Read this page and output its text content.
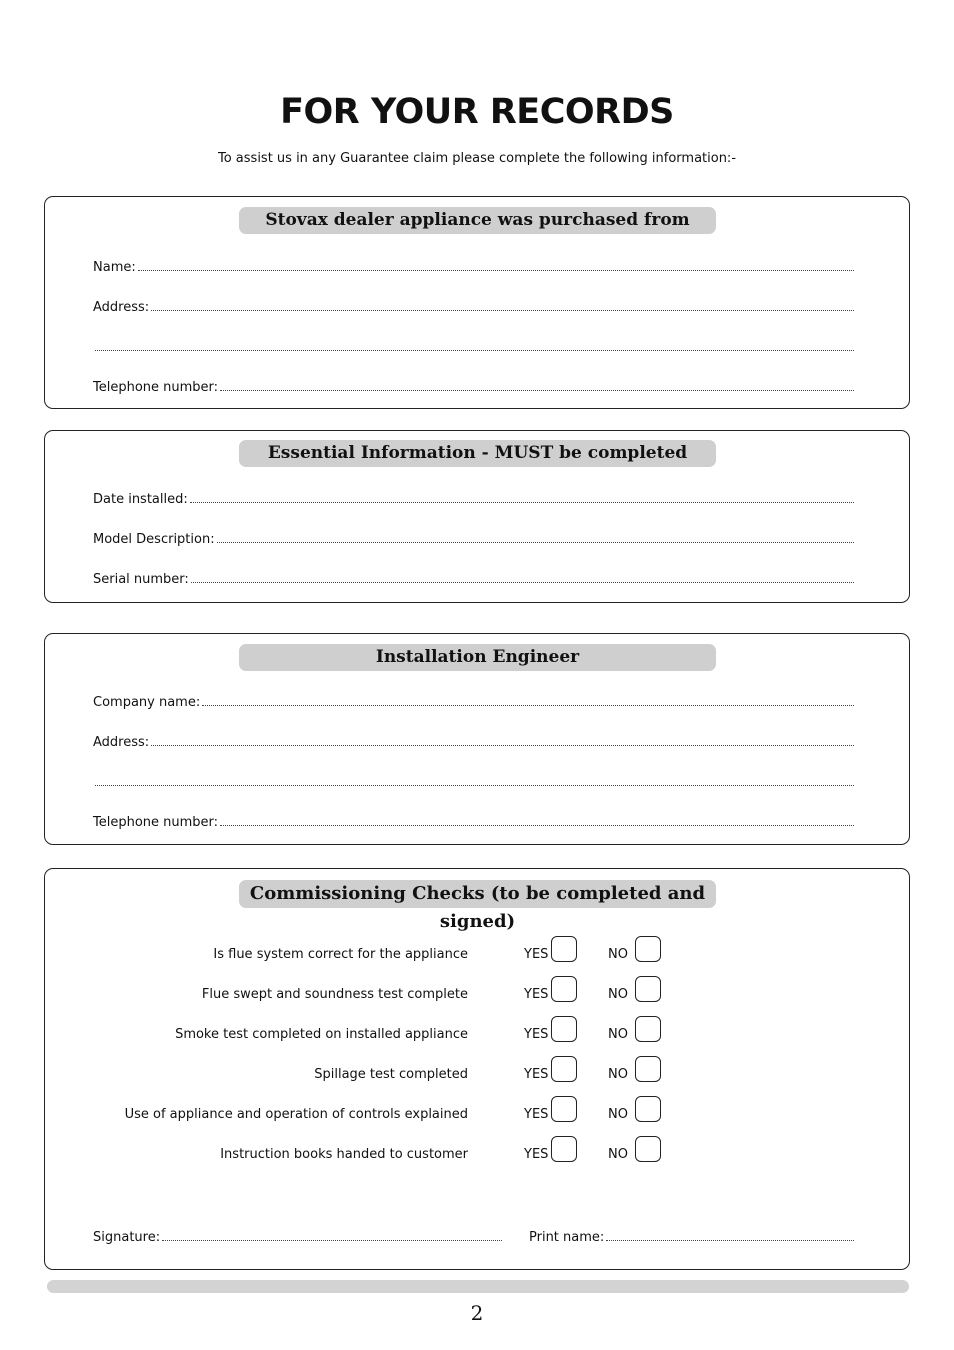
FOR YOUR RECORDS
To assist us in any Guarantee claim please complete the following information:-
Stovax dealer appliance was purchased from
Name:
Address:
Telephone number:
Essential Information - MUST be completed
Date installed:
Model Description:
Serial number:
Installation Engineer
Company name:
Address:
Telephone number:
Commissioning Checks (to be completed and signed)
Is flue system correct for the appliance	YES	NO
Flue swept and soundness test complete	YES	NO
Smoke test completed on installed appliance	YES	NO
Spillage test completed	YES	NO
Use of appliance and operation of controls explained	YES	NO
Instruction books handed to customer	YES	NO
Signature:	Print name:
2
